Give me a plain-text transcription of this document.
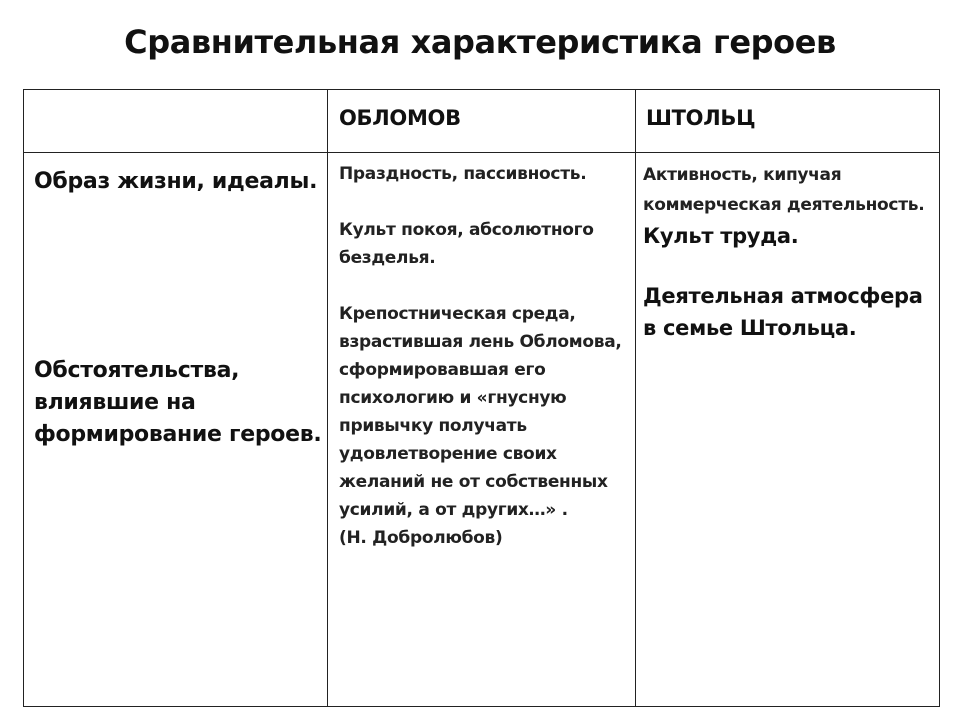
Сравнительная характеристика героев
ОБЛОМОВ	ШТОЛЬЦ
Образ жизни, идеалы.
Обстоятельства, влиявшие на формирование героев.
Праздность, пассивность.
Культ покоя, абсолютного безделья.
Крепостническая среда, взрастившая лень Обломова, сформировавшая его психологию и «гнусную привычку получать удовлетворение своих желаний не от собственных усилий, а от других…» .
(Н. Добролюбов)
Активность, кипучая коммерческая деятельность.
Культ труда.
Деятельная атмосфера в семье Штольца.
